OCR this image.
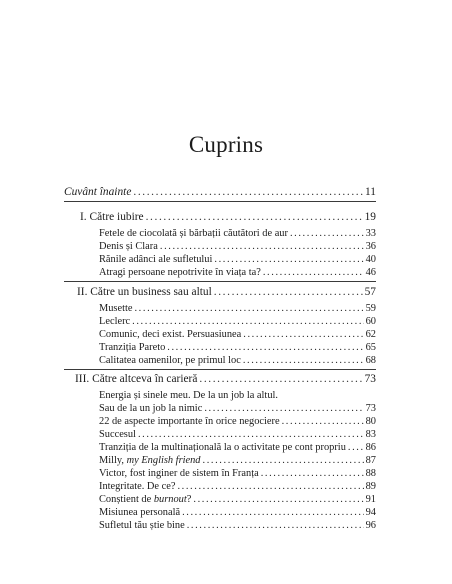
Cuprins
Cuvânt înainte .....	11
I. Către iubire .....	19
Fetele de ciocolată și bărbații căutători de aur .....	33
Denis și Clara .....	36
Rănile adânci ale sufletului .....	40
Atragi persoane nepotrivite în viața ta? .....	46
II. Către un business sau altul .....	57
Musette .....	59
Leclerc .....	60
Comunic, deci exist. Persuasiunea .....	62
Tranziția Pareto .....	65
Calitatea oamenilor, pe primul loc .....	68
III. Către altceva în carieră .....	73
Energia și sinele meu. De la un job la altul.
Sau de la un job la nimic .....	73
22 de aspecte importante în orice negociere .....	80
Succesul .....	83
Tranziția de la multinațională la o activitate pe cont propriu ..... 86
Milly, my English friend .....	87
Victor, fost inginer de sistem în Franța .....	88
Integritate. De ce? .....	89
Conștient de burnout? .....	91
Misiunea personală .....	94
Sufletul tău știe bine .....	96
